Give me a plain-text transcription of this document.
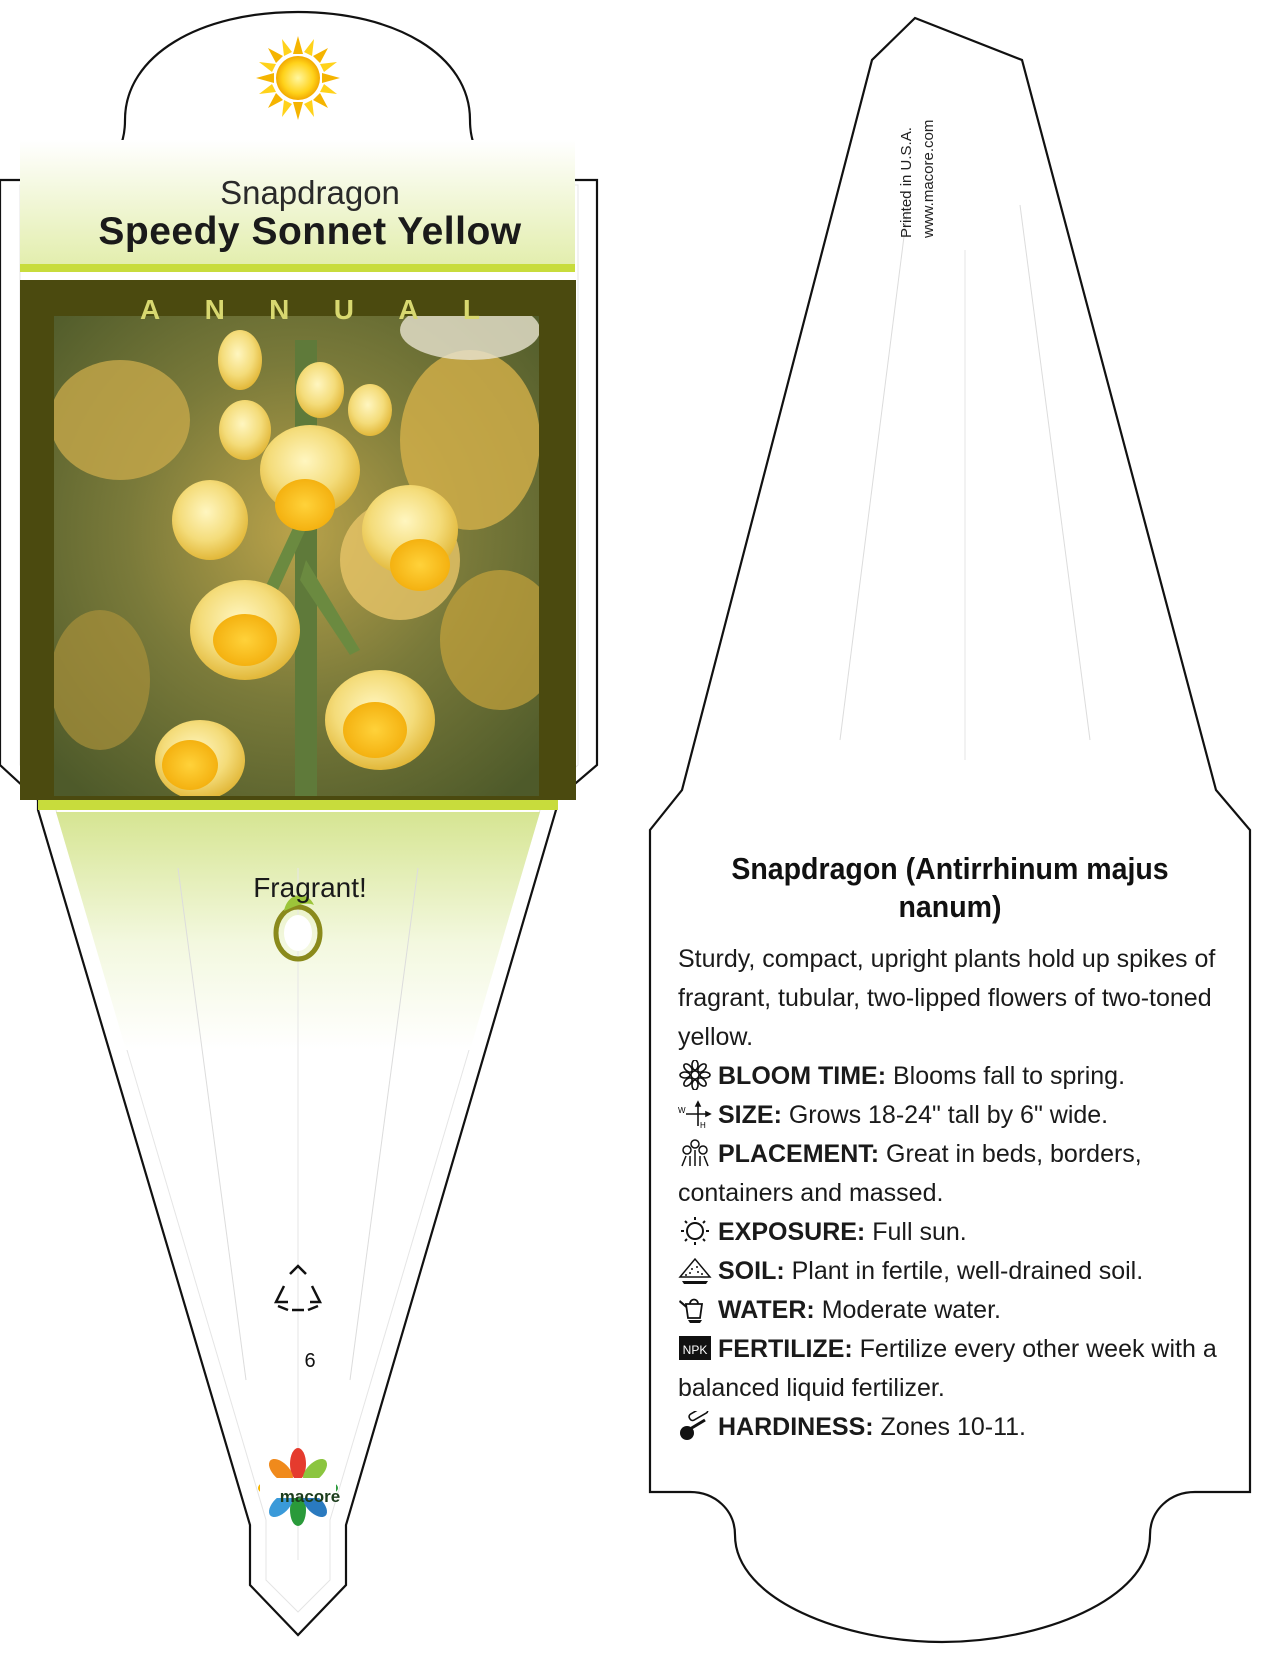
Snapdragon
Speedy Sonnet Yellow
A N N U A L
Fragrant!
6
macore
Printed in U.S.A. www.macore.com
Snapdragon (Antirrhinum majus nanum)

Sturdy, compact, upright plants hold up spikes of fragrant, tubular, two-lipped flowers of two-toned yellow.

BLOOM TIME: Blooms fall to spring.

W
H SIZE: Grows 18-24" tall by 6" wide.

PLACEMENT: Great in beds, borders, containers and massed.

EXPOSURE: Full sun.

SOIL: Plant in fertile, well-drained soil.

WATER: Moderate water.

NPK FERTILIZE: Fertilize every other week with a balanced liquid fertilizer.

HARDINESS: Zones 10-11.
